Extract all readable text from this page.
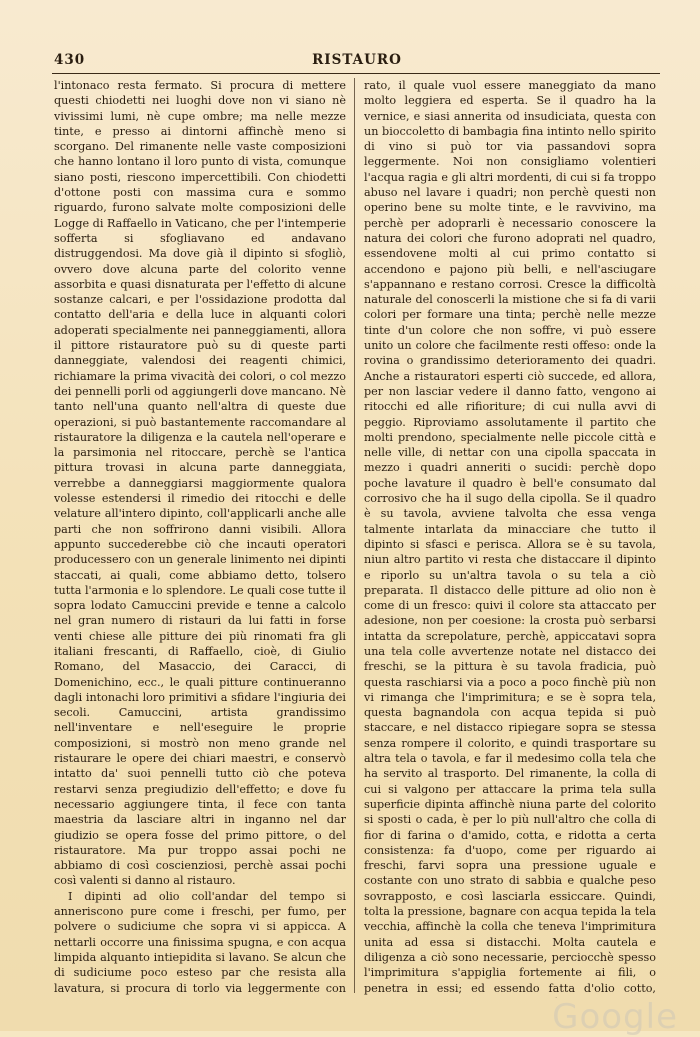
430	RISTAURO

l'intonaco resta fermato. Si procura di mettere questi chiodetti nei luoghi dove non vi siano nè vivissimi lumi, nè cupe ombre; ma nelle mezze tinte, e presso ai dintorni affinchè meno si scorgano. Del rimanente nelle vaste composizioni che hanno lontano il loro punto di vista, comunque siano posti, riescono impercettibili. Con chiodetti d'ottone posti con massima cura e sommo riguardo, furono salvate molte composizioni delle Logge di Raffaello in Vaticano, che per l'intemperie sofferta si sfogliavano ed andavano distruggendosi. Ma dove già il dipinto si sfogliò, ovvero dove alcuna parte del colorito venne assorbita e quasi disnaturata per l'effetto di alcune sostanze calcari, e per l'ossidazione prodotta dal contatto dell'aria e della luce in alquanti colori adoperati specialmente nei panneggiamenti, allora il pittore ristauratore può su di queste parti danneggiate, valendosi dei reagenti chimici, richiamare la prima vivacità dei colori, o col mezzo dei pennelli porli od aggiungerli dove mancano. Nè tanto nell'una quanto nell'altra di queste due operazioni, si può bastantemente raccomandare al ristauratore la diligenza e la cautela nell'operare e la parsimonia nel ritoccare, perchè se l'antica pittura trovasi in alcuna parte danneggiata, verrebbe a danneggiarsi maggiormente qualora volesse estendersi il rimedio dei ritocchi e delle velature all'intero dipinto, coll'applicarli anche alle parti che non soffrirono danni visibili. Allora appunto succederebbe ciò che incauti operatori producessero con un generale linimento nei dipinti staccati, ai quali, come abbiamo detto, tolsero tutta l'armonia e lo splendore. Le quali cose tutte il sopra lodato Camuccini previde e tenne a calcolo nel gran numero di ristauri da lui fatti in forse venti chiese alle pitture dei più rinomati fra gli italiani frescanti, di Raffaello, cioè, di Giulio Romano, del Masaccio, dei Caracci, di Domenichino, ecc., le quali pitture continueranno dagli intonachi loro primitivi a sfidare l'ingiuria dei secoli. Camuccini, artista grandissimo nell'inventare e nell'eseguire le proprie composizioni, si mostrò non meno grande nel ristaurare le opere dei chiari maestri, e conservò intatto da' suoi pennelli tutto ciò che poteva restarvi senza pregiudizio dell'effetto; e dove fu necessario aggiungere tinta, il fece con tanta maestria da lasciare altri in inganno nel dar giudizio se opera fosse del primo pittore, o del ristauratore. Ma pur troppo assai pochi ne abbiamo di così coscienziosi, perchè assai pochi così valenti si danno al ristauro.

I dipinti ad olio coll'andar del tempo si anneriscono pure come i freschi, per fumo, per polvere o sudiciume che sopra vi si appicca. A nettarli occorre una finissima spugna, e con acqua limpida alquanto intiepidita si lavano. Se alcun che di sudiciume poco esteso par che resista alla lavatura, si procura di torlo via leggermente con

rato, il quale vuol essere maneggiato da mano molto leggiera ed esperta. Se il quadro ha la vernice, e siasi annerita od insudiciata, questa con un bioccoletto di bambagia fina intinto nello spirito di vino si può tor via passandovi sopra leggermente. Noi non consigliamo volentieri l'acqua ragia e gli altri mordenti, di cui si fa troppo abuso nel lavare i quadri; non perchè questi non operino bene su molte tinte, e le ravvivino, ma perchè per adoprarli è necessario conoscere la natura dei colori che furono adoprati nel quadro, essendovene molti al cui primo contatto si accendono e pajono più belli, e nell'asciugare s'appannano e restano corrosi. Cresce la difficoltà naturale del conoscerli la mistione che si fa di varii colori per formare una tinta; perchè nelle mezze tinte d'un colore che non soffre, vi può essere unito un colore che facilmente resti offeso: onde la rovina o grandissimo deterioramento dei quadri. Anche a ristauratori esperti ciò succede, ed allora, per non lasciar vedere il danno fatto, vengono ai ritocchi ed alle rifioriture; di cui nulla avvi di peggio. Riproviamo assolutamente il partito che molti prendono, specialmente nelle piccole città e nelle ville, di nettar con una cipolla spaccata in mezzo i quadri anneriti o sucidi: perchè dopo poche lavature il quadro è bell'e consumato dal corrosivo che ha il sugo della cipolla. Se il quadro è su tavola, avviene talvolta che essa venga talmente intarlata da minacciare che tutto il dipinto si sfasci e perisca. Allora se è su tavola, niun altro partito vi resta che distaccare il dipinto e riporlo su un'altra tavola o su tela a ciò preparata. Il distacco delle pitture ad olio non è come di un fresco: quivi il colore sta attaccato per adesione, non per coesione: la crosta può serbarsi intatta da screpolature, perchè, appiccatavi sopra una tela colle avvertenze notate nel distacco dei freschi, se la pittura è su tavola fradicia, può questa raschiarsi via a poco a poco finchè più non vi rimanga che l'imprimitura; e se è sopra tela, questa bagnandola con acqua tepida si può staccare, e nel distacco ripiegare sopra se stessa senza rompere il colorito, e quindi trasportare su altra tela o tavola, e far il medesimo colla tela che ha servito al trasporto. Del rimanente, la colla di cui si valgono per attaccare la prima tela sulla superficie dipinta affinchè niuna parte del colorito si sposti o cada, è per lo più null'altro che colla di fior di farina o d'amido, cotta, e ridotta a certa consistenza: fa d'uopo, come per riguardo ai freschi, farvi sopra una pressione uguale e costante con uno strato di sabbia e qualche peso sovrapposto, e così lasciarla essiccare. Quindi, tolta la pressione, bagnare con acqua tepida la tela vecchia, affinchè la colla che teneva l'imprimitura unita ad essa si distacchi. Molta cautela e diligenza a ciò sono necessarie, perciocchè spesso l'imprimitura s'appiglia fortemente ai fili, o penetra in essi; ed essendo fatta d'olio cotto,

Google
